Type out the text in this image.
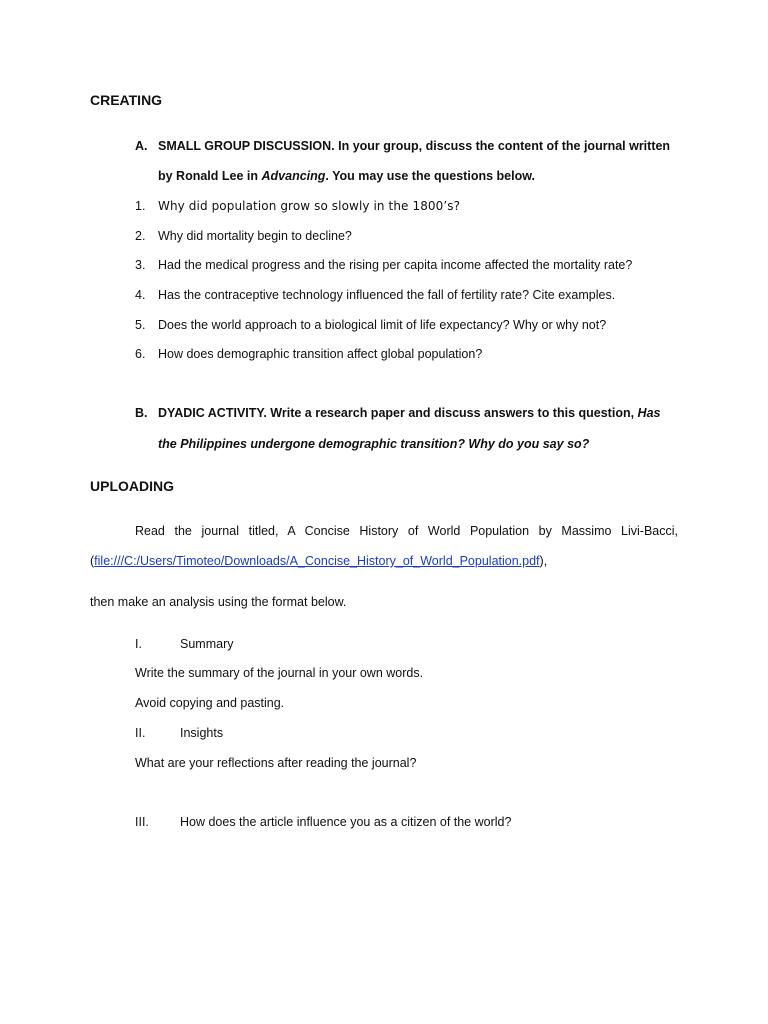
CREATING
A. SMALL GROUP DISCUSSION. In your group, discuss the content of the journal written
by Ronald Lee in Advancing. You may use the questions below.
1. Why did population grow so slowly in the 1800’s?
2. Why did mortality begin to decline?
3. Had the medical progress and the rising per capita income affected the mortality rate?
4. Has the contraceptive technology influenced the fall of fertility rate? Cite examples.
5. Does the world approach to a biological limit of life expectancy? Why or why not?
6. How does demographic transition affect global population?
B. DYADIC ACTIVITY. Write a research paper and discuss answers to this question, Has
the Philippines undergone demographic transition? Why do you say so?
UPLOADING
Read the journal titled, A Concise History of World Population by Massimo Livi-Bacci,
(file:///C:/Users/Timoteo/Downloads/A_Concise_History_of_World_Population.pdf),
then make an analysis using the format below.
I.	Summary
Write the summary of the journal in your own words.
Avoid copying and pasting.
II.	Insights
What are your reflections after reading the journal?
III. How does the article influence you as a citizen of the world?
